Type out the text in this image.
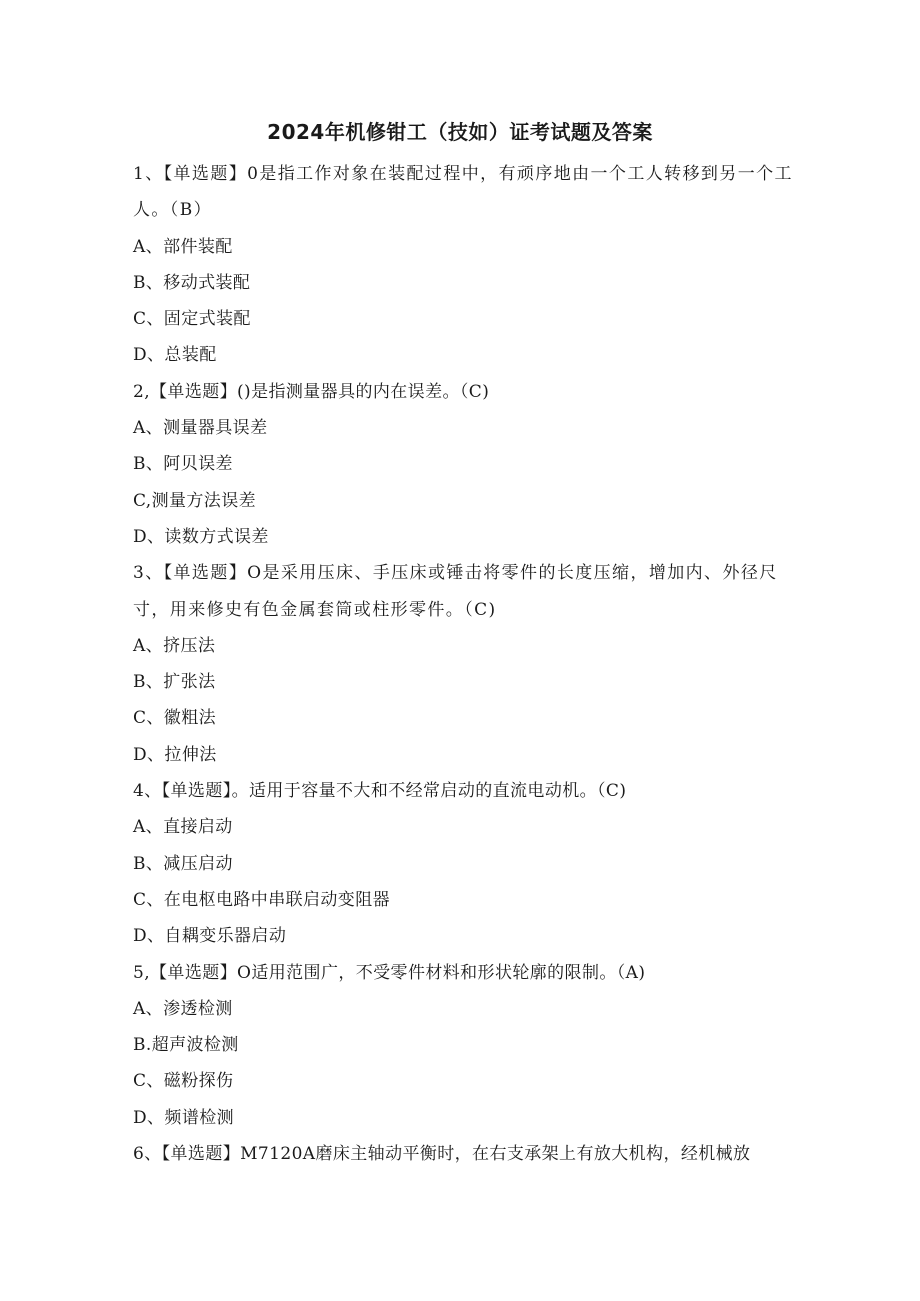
2024年机修钳工（技如）证考试题及答案
1、【单选题】0是指工作对象在装配过程中，有顽序地由一个工人转移到另一个工人。（B）
A、部件装配
B、移动式装配
C、固定式装配
D、总装配
2,【单选题】()是指测量器具的内在误差。（C)
A、测量器具误差
B、阿贝误差
C,测量方法误差
D、读数方式误差
3、【单选题】O是采用压床、手压床或锤击将零件的长度压缩，增加内、外径尺寸，用来修史有色金属套筒或柱形零件。（C)
A、挤压法
B、扩张法
C、徽粗法
D、拉伸法
4、【单选题】。适用于容量不大和不经常启动的直流电动机。（C)
A、直接启动
B、减压启动
C、在电枢电路中串联启动变阻器
D、自耦变乐器启动
5,【单选题】O适用范围广，不受零件材料和形状轮廓的限制。（A)
A、渗透检测
B.超声波检测
C、磁粉探伤
D、频谱检测
6、【单选题】M7120A磨床主轴动平衡时，在右支承架上有放大机构，经机械放
